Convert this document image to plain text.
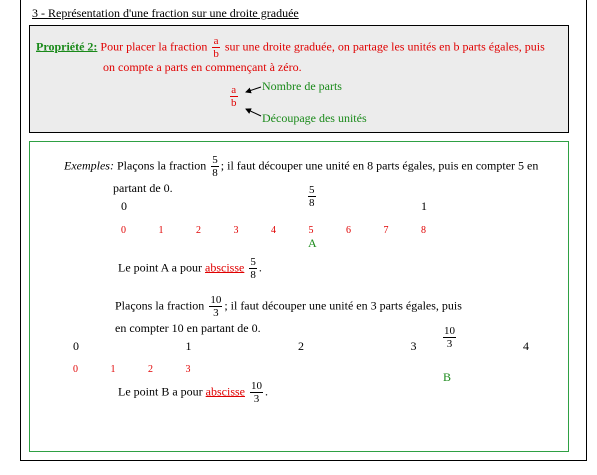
3 - Représentation d'une fraction sur une droite graduée
Propriété 2: Pour placer la fraction $\frac{a}{b}$ sur une droite graduée, on partage les unités en b parts égales, puis
on compte a parts en commençant à zéro.
$\frac{a}{b}$ Nombre de parts
Découpage des unités
Exemples: Plaçons la fraction $\frac{5}{8}$ ; il faut découper une unité en 8 parts égales, puis en compter 5 en
partant de 0.
0	1
$\frac{5}{8}$
0	1	2	3	4	5	6	7	8
A
Le point A a pour abscisse $\frac{5}{8}$ .
Plaçons la fraction $\frac{10}{3}$ ; il faut découper une unité en 3 parts égales, puis
en compter 10 en partant de 0.
0	1	2	3	4
$\frac{10}{3}$
0	1	2	3
B
Le point B a pour abscisse $\frac{10}{3}$ .
